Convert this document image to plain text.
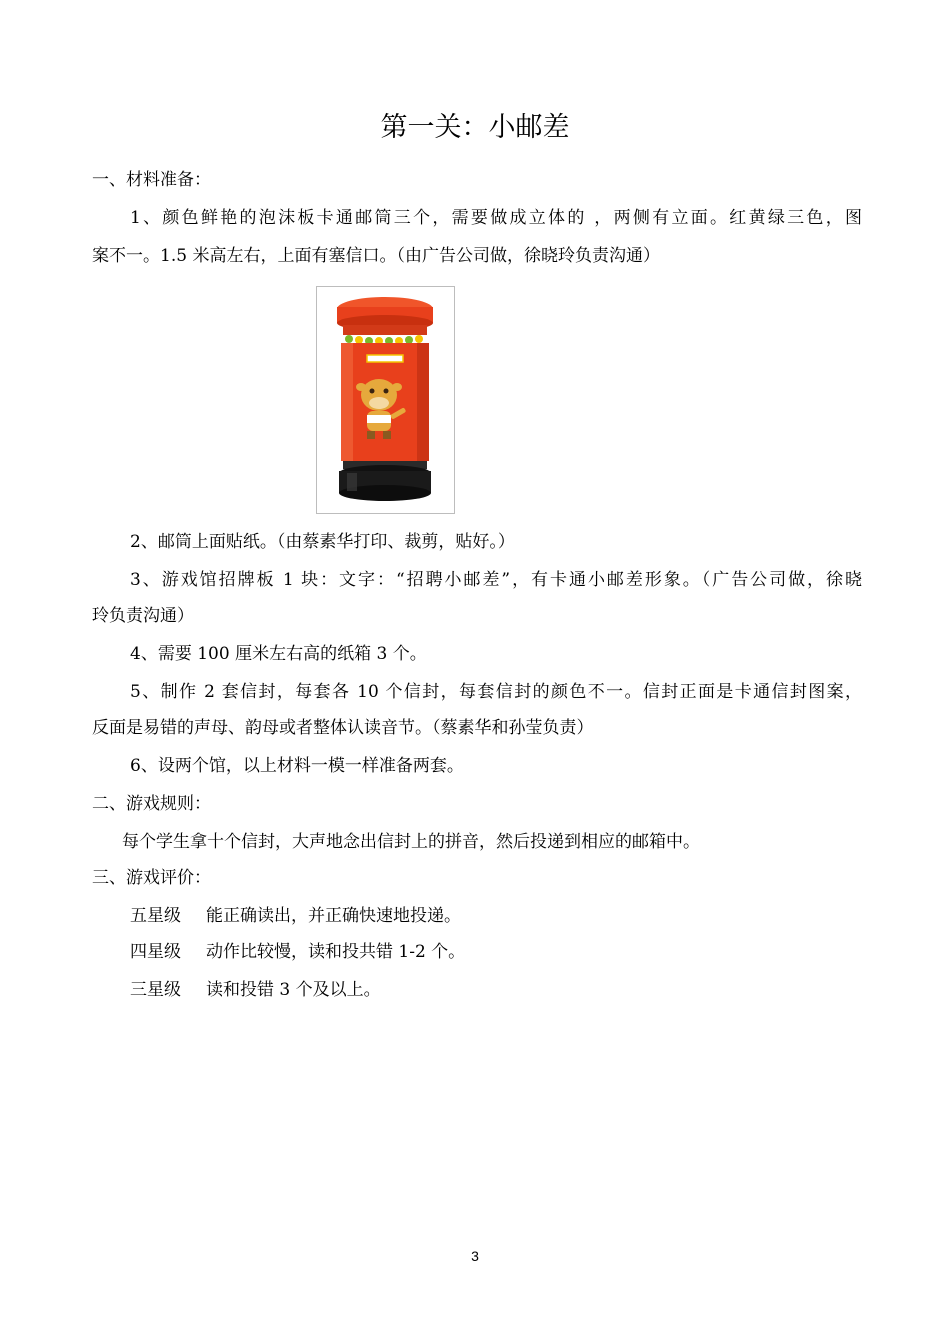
第一关：小邮差
一、材料准备：
1、颜色鲜艳的泡沫板卡通邮筒三个，需要做成立体的 ，两侧有立面。红黄绿三色，图
案不一。1.5 米高左右，上面有塞信口。（由广告公司做，徐晓玲负责沟通）
2、邮筒上面贴纸。（由蔡素华打印、裁剪，贴好。）
3、游戏馆招牌板 1 块：文字：“招聘小邮差”，有卡通小邮差形象。（广告公司做，徐晓
玲负责沟通）
4、需要 100 厘米左右高的纸箱 3 个。
5、制作 2 套信封，每套各 10 个信封，每套信封的颜色不一。信封正面是卡通信封图案，
反面是易错的声母、韵母或者整体认读音节。（蔡素华和孙莹负责）
6、设两个馆，以上材料一模一样准备两套。
二、游戏规则：
每个学生拿十个信封，大声地念出信封上的拼音，然后投递到相应的邮箱中。
三、游戏评价：
五星级 能正确读出，并正确快速地投递。
四星级 动作比较慢，读和投共错 1-2 个。
三星级 读和投错 3 个及以上。
3
